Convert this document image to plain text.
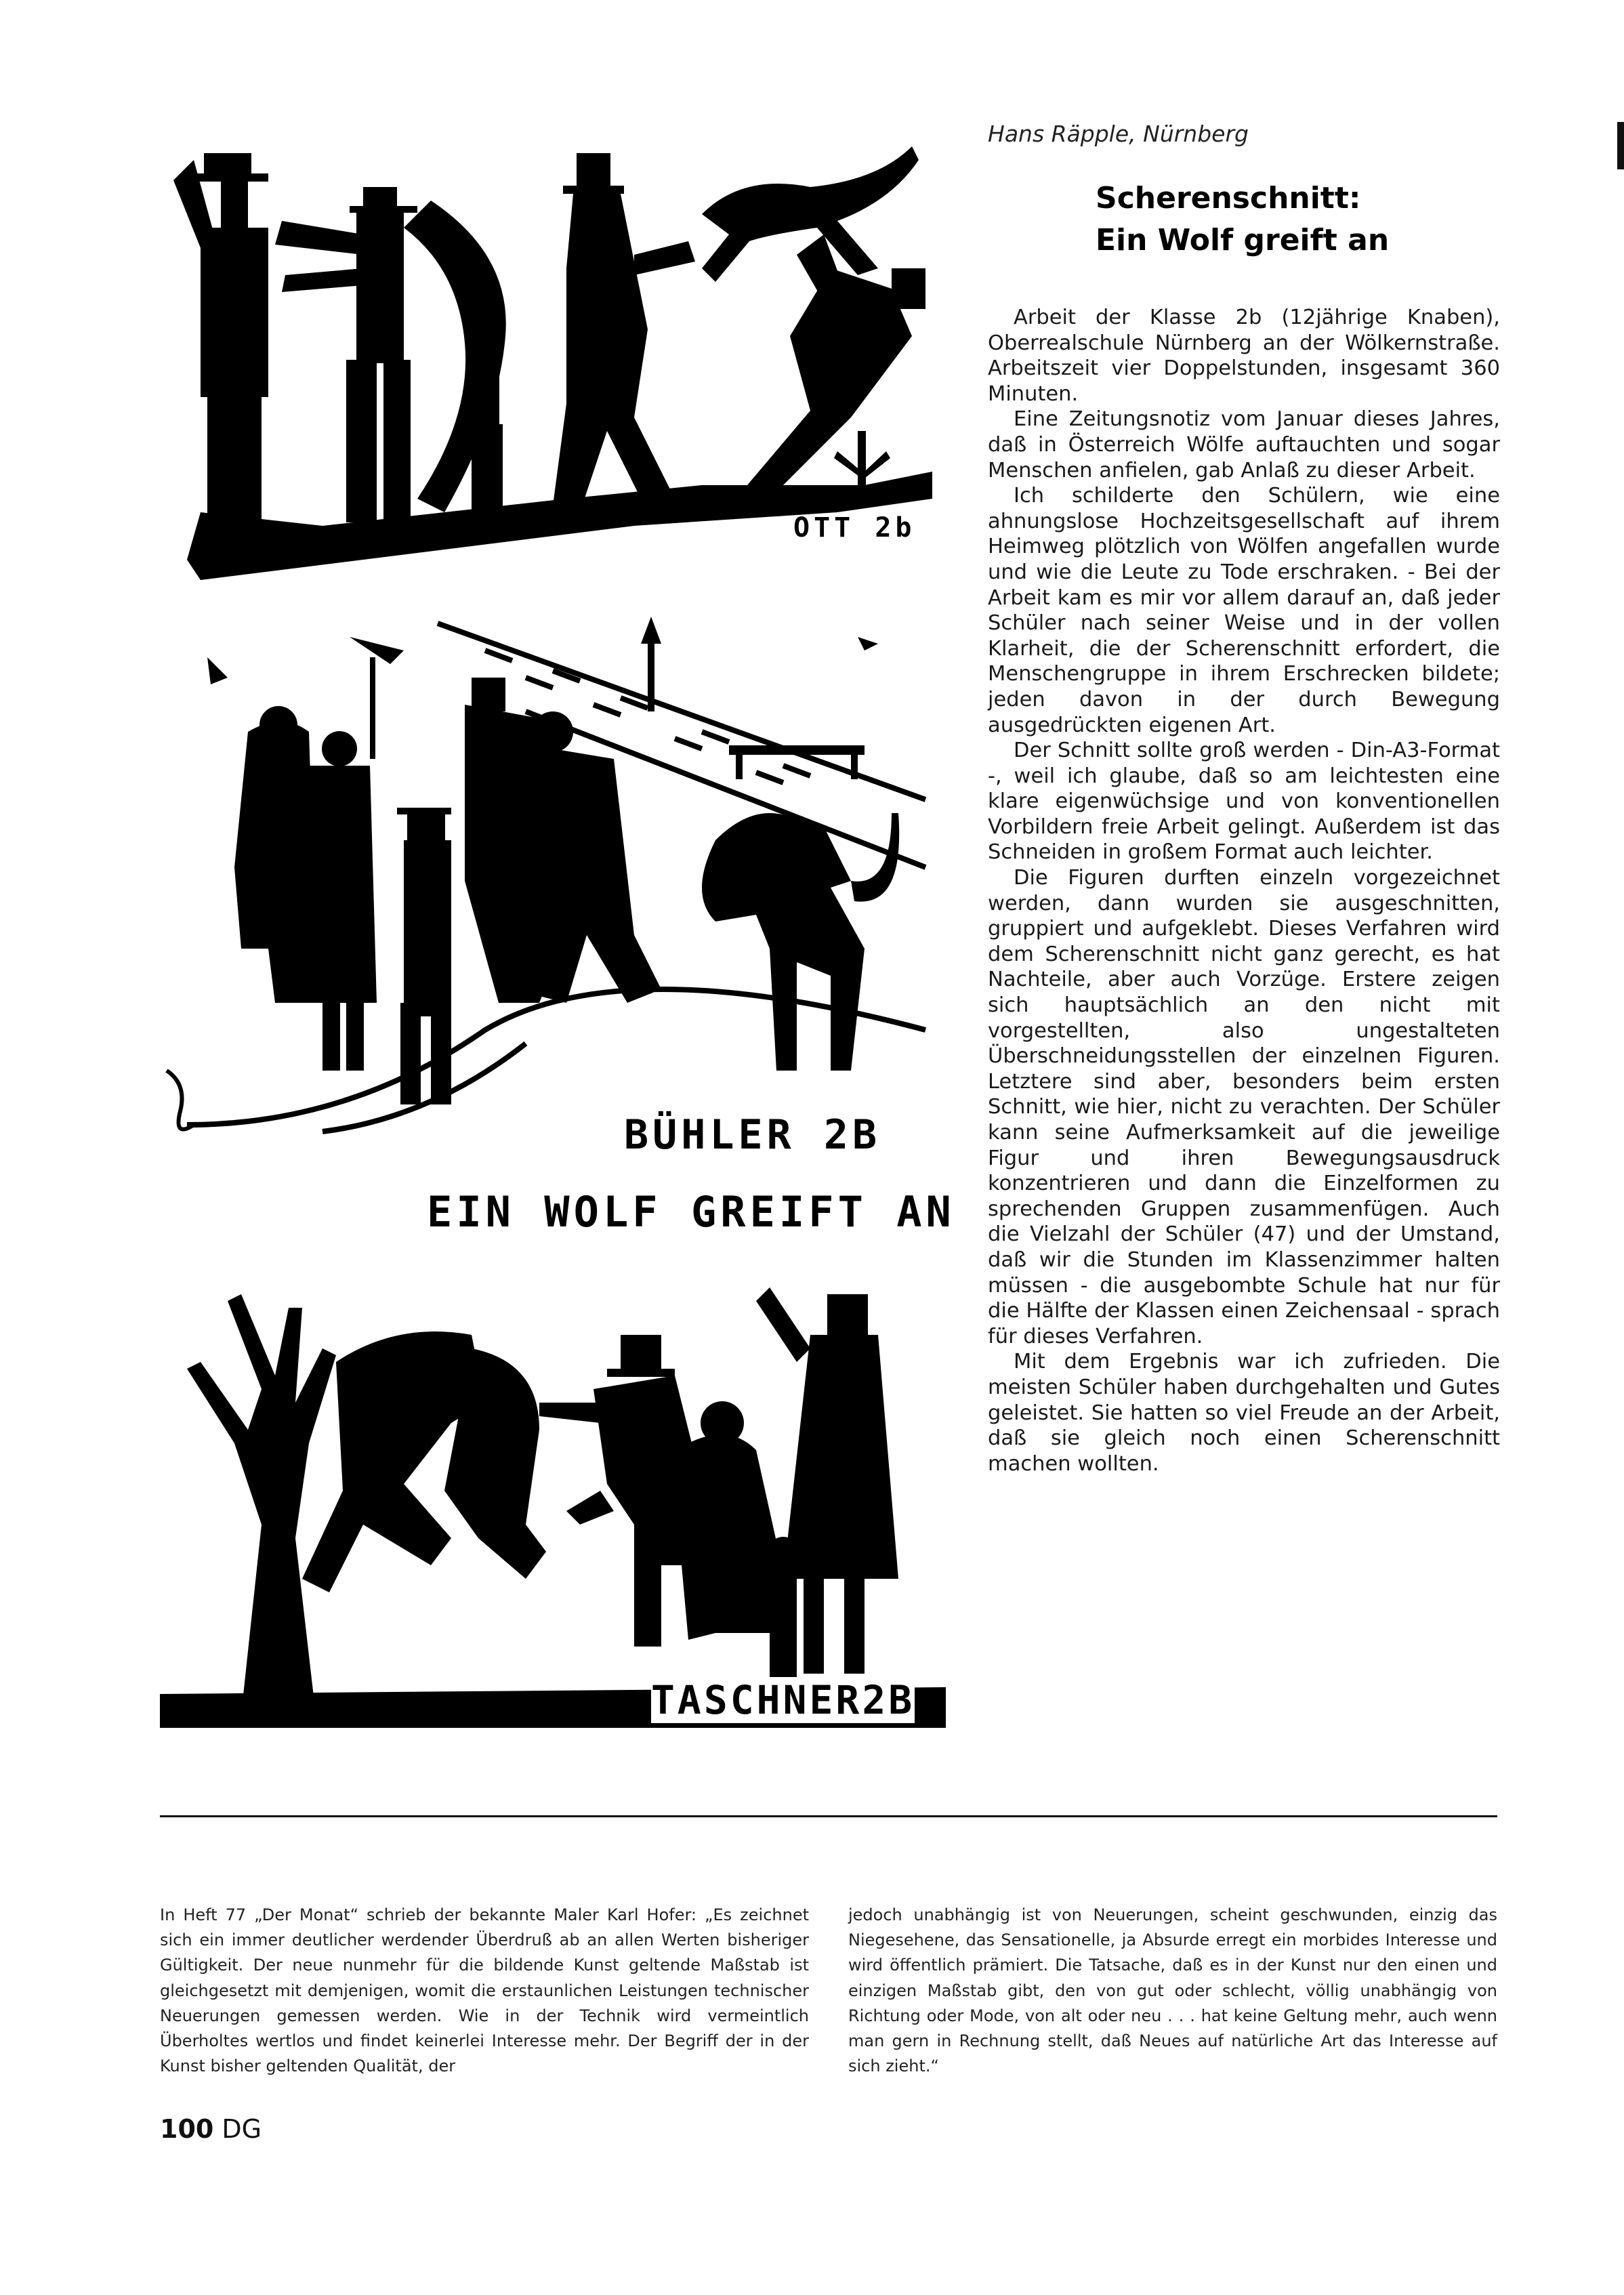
OTT 2b
BÜHLER 2B
EIN WOLF GREIFT AN
TASCHNER2B
Hans Räpple, Nürnberg
Scherenschnitt:
Ein Wolf greift an

Arbeit der Klasse 2b (12jährige Knaben), Oberrealschule Nürnberg an der Wölkernstraße. Arbeitszeit vier Doppelstunden, insgesamt 360 Minuten.

Eine Zeitungsnotiz vom Januar dieses Jahres, daß in Österreich Wölfe auftauchten und sogar Menschen anfielen, gab Anlaß zu dieser Arbeit.

Ich schilderte den Schülern, wie eine ahnungslose Hochzeitsgesellschaft auf ihrem Heimweg plötzlich von Wölfen angefallen wurde und wie die Leute zu Tode erschraken. - Bei der Arbeit kam es mir vor allem darauf an, daß jeder Schüler nach seiner Weise und in der vollen Klarheit, die der Scherenschnitt erfordert, die Menschengruppe in ihrem Erschrecken bildete; jeden davon in der durch Bewegung ausgedrückten eigenen Art.

Der Schnitt sollte groß werden - Din-A3-Format -, weil ich glaube, daß so am leichtesten eine klare eigenwüchsige und von konventionellen Vorbildern freie Arbeit gelingt. Außerdem ist das Schneiden in großem Format auch leichter.

Die Figuren durften einzeln vorgezeichnet werden, dann wurden sie ausgeschnitten, gruppiert und aufgeklebt. Dieses Verfahren wird dem Scherenschnitt nicht ganz gerecht, es hat Nachteile, aber auch Vorzüge. Erstere zeigen sich hauptsächlich an den nicht mit vorgestellten, also ungestalteten Überschneidungsstellen der einzelnen Figuren. Letztere sind aber, besonders beim ersten Schnitt, wie hier, nicht zu verachten. Der Schüler kann seine Aufmerksamkeit auf die jeweilige Figur und ihren Bewegungsausdruck konzentrieren und dann die Einzelformen zu sprechenden Gruppen zusammenfügen. Auch die Vielzahl der Schüler (47) und der Umstand, daß wir die Stunden im Klassenzimmer halten müssen - die ausgebombte Schule hat nur für die Hälfte der Klassen einen Zeichensaal - sprach für dieses Verfahren.

Mit dem Ergebnis war ich zufrieden. Die meisten Schüler haben durchgehalten und Gutes geleistet. Sie hatten so viel Freude an der Arbeit, daß sie gleich noch einen Scherenschnitt machen wollten.

In Heft 77 „Der Monat“ schrieb der bekannte Maler Karl Hofer: „Es zeichnet sich ein immer deutlicher werdender Überdruß ab an allen Werten bisheriger Gültigkeit. Der neue nunmehr für die bildende Kunst geltende Maßstab ist gleichgesetzt mit demjenigen, womit die erstaunlichen Leistungen technischer Neuerungen gemessen werden. Wie in der Technik wird vermeintlich Überholtes wertlos und findet keinerlei Interesse mehr. Der Begriff der in der Kunst bisher geltenden Qualität, der
jedoch unabhängig ist von Neuerungen, scheint geschwunden, einzig das Niegesehene, das Sensationelle, ja Absurde erregt ein morbides Interesse und wird öffentlich prämiert. Die Tatsache, daß es in der Kunst nur den einen und einzigen Maßstab gibt, den von gut oder schlecht, völlig unabhängig von Richtung oder Mode, von alt oder neu . . . hat keine Geltung mehr, auch wenn man gern in Rechnung stellt, daß Neues auf natürliche Art das Interesse auf sich zieht.“
100 DG
